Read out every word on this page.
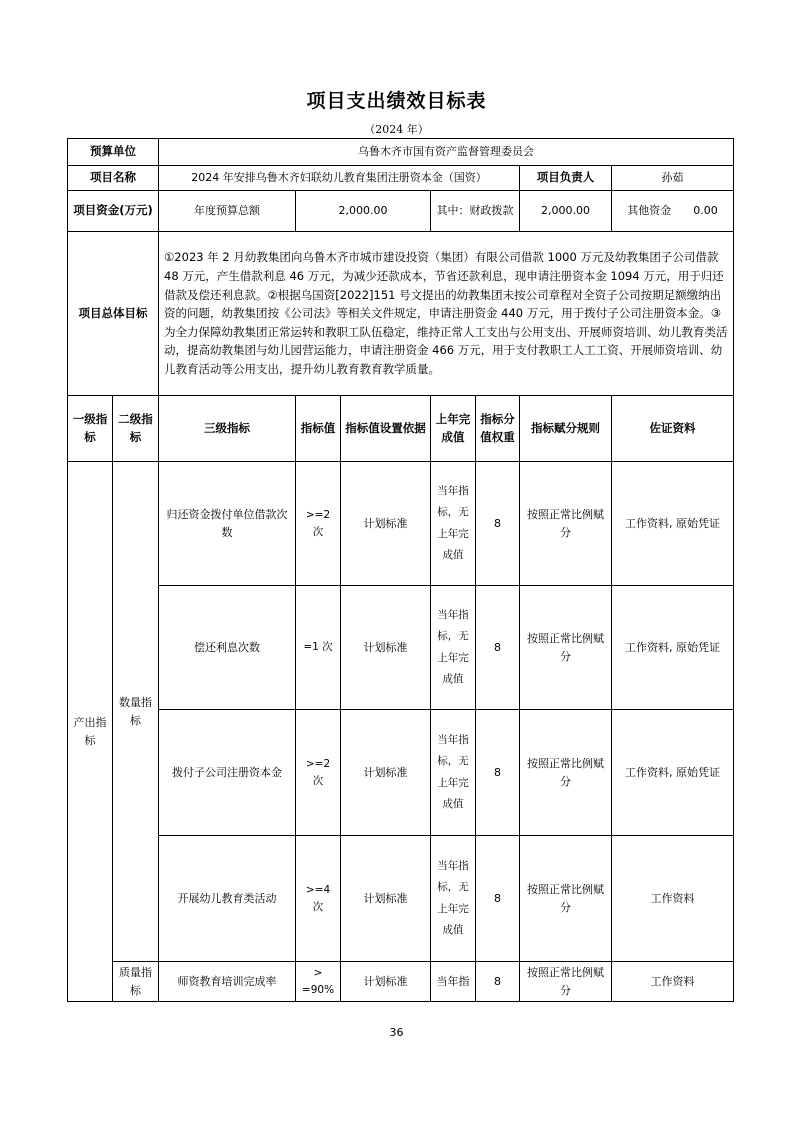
项目支出绩效目标表
（2024 年）
预算单位		乌鲁木齐市国有资产监督管理委员会						
项目名称		2024 年安排乌鲁木齐妇联幼儿教育集团注册资本金（国资）					项目负责人	孙茹
项目资金(万元)		年度预算总额	2,000.00		其中：财政拨款		2,000.00	其他资金 0.00
项目总体目标		①2023 年 2 月幼教集团向乌鲁木齐市城市建设投资（集团）有限公司借款 1000 万元及幼教集团子公司借款 48 万元，产生借款利息 46 万元，为减少还款成本，节省还款利息，现申请注册资本金 1094 万元，用于归还借款及偿还利息款。②根据乌国资[2022]151 号文提出的幼教集团未按公司章程对全资子公司按期足额缴纳出资的问题，幼教集团按《公司法》等相关文件规定，申请注册资金 440 万元，用于拨付子公司注册资本金。③为全力保障幼教集团正常运转和教职工队伍稳定，维持正常人工支出与公用支出、开展师资培训、幼儿教育类活动，提高幼教集团与幼儿园营运能力，申请注册资金 466 万元，用于支付教职工人工工资、开展师资培训、幼儿教育活动等公用支出，提升幼儿教育教育教学质量。						
一级指标	二级指标	三级指标	指标值	指标值设置依据	上年完成值	指标分值权重	指标赋分规则	佐证资料
产出指标	数量指标	归还资金拨付单位借款次数	>=2 次	计划标准	当年指标，无上年完成值	8	按照正常比例赋分	工作资料, 原始凭证
		偿还利息次数	=1 次	计划标准	当年指标，无上年完成值	8	按照正常比例赋分	工作资料, 原始凭证
		拨付子公司注册资本金	>=2 次	计划标准	当年指标，无上年完成值	8	按照正常比例赋分	工作资料, 原始凭证
		开展幼儿教育类活动	>=4 次	计划标准	当年指标，无上年完成值	8	按照正常比例赋分	工作资料
	质量指标	师资教育培训完成率	> =90%	计划标准	当年指	8	按照正常比例赋分	工作资料
36
